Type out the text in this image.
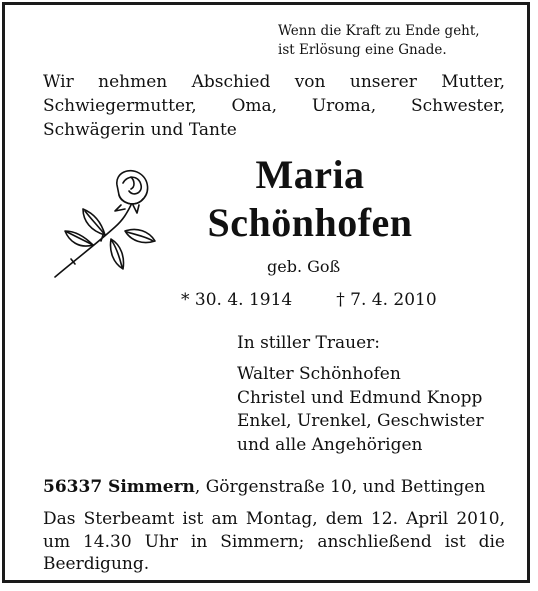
Wenn die Kraft zu Ende geht,
ist Erlösung eine Gnade.
Wir nehmen Abschied von unserer Mutter, Schwiegermutter, Oma, Uroma, Schwester, Schwägerin und Tante
Maria
Schönhofen
geb. Goß
* 30. 4. 1914	† 7. 4. 2010
In stiller Trauer:
Walter Schönhofen
Christel und Edmund Knopp
Enkel, Urenkel, Geschwister
und alle Angehörigen
56337 Simmern, Görgenstraße 10, und Bettingen
Das Sterbeamt ist am Montag, dem 12. April 2010, um 14.30 Uhr in Simmern; anschließend ist die Beerdigung.
